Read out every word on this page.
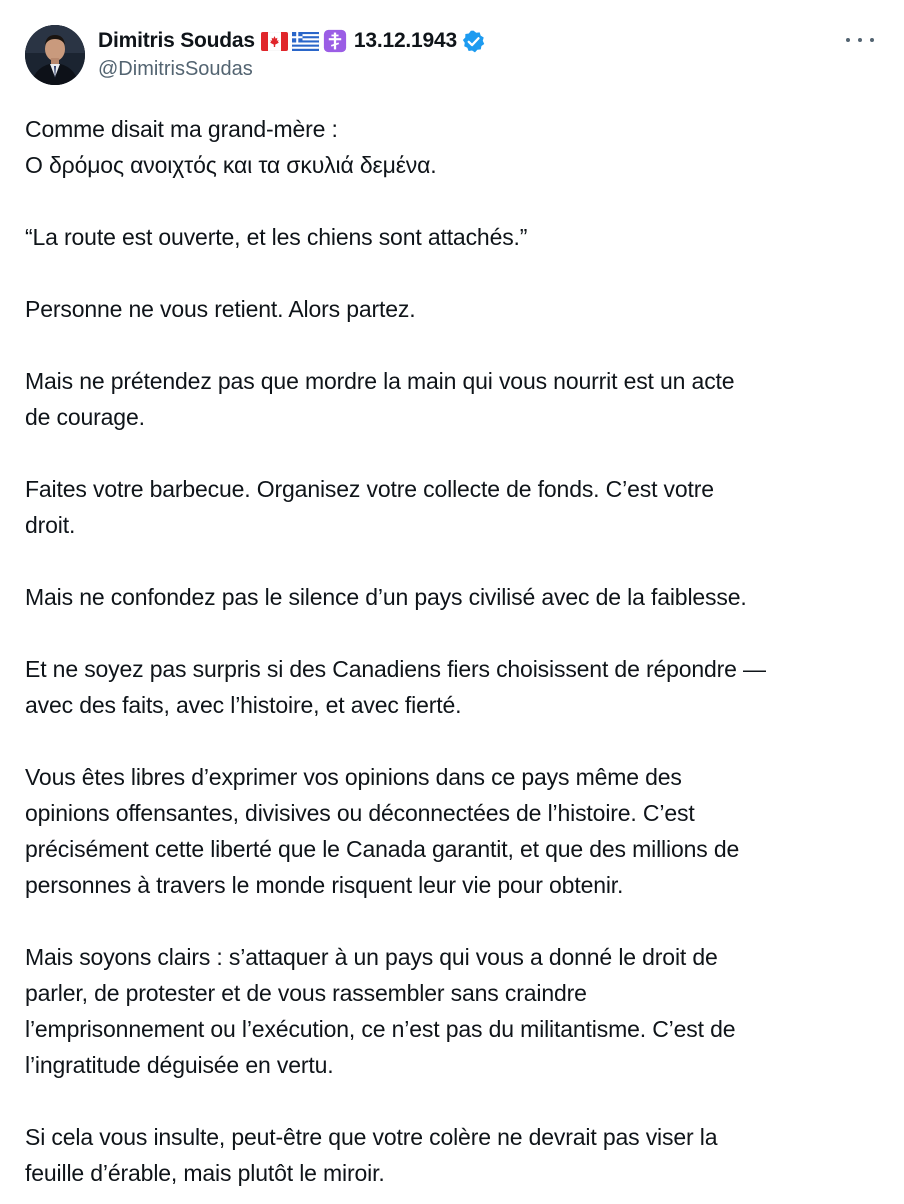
Dimitris Soudas	13.12.1943
@DimitrisSoudas
Comme disait ma grand-mère :
Ο δρόμος ανοιχτός και τα σκυλιά δεμένα.
“La route est ouverte, et les chiens sont attachés.”
Personne ne vous retient. Alors partez.
Mais ne prétendez pas que mordre la main qui vous nourrit est un acte
de courage.
Faites votre barbecue. Organisez votre collecte de fonds. C’est votre
droit.
Mais ne confondez pas le silence d’un pays civilisé avec de la faiblesse.
Et ne soyez pas surpris si des Canadiens fiers choisissent de répondre —
avec des faits, avec l’histoire, et avec fierté.
Vous êtes libres d’exprimer vos opinions dans ce pays même des
opinions offensantes, divisives ou déconnectées de l’histoire. C’est
précisément cette liberté que le Canada garantit, et que des millions de
personnes à travers le monde risquent leur vie pour obtenir.
Mais soyons clairs : s’attaquer à un pays qui vous a donné le droit de
parler, de protester et de vous rassembler sans craindre
l’emprisonnement ou l’exécution, ce n’est pas du militantisme. C’est de
l’ingratitude déguisée en vertu.
Si cela vous insulte, peut-être que votre colère ne devrait pas viser la
feuille d’érable, mais plutôt le miroir.
